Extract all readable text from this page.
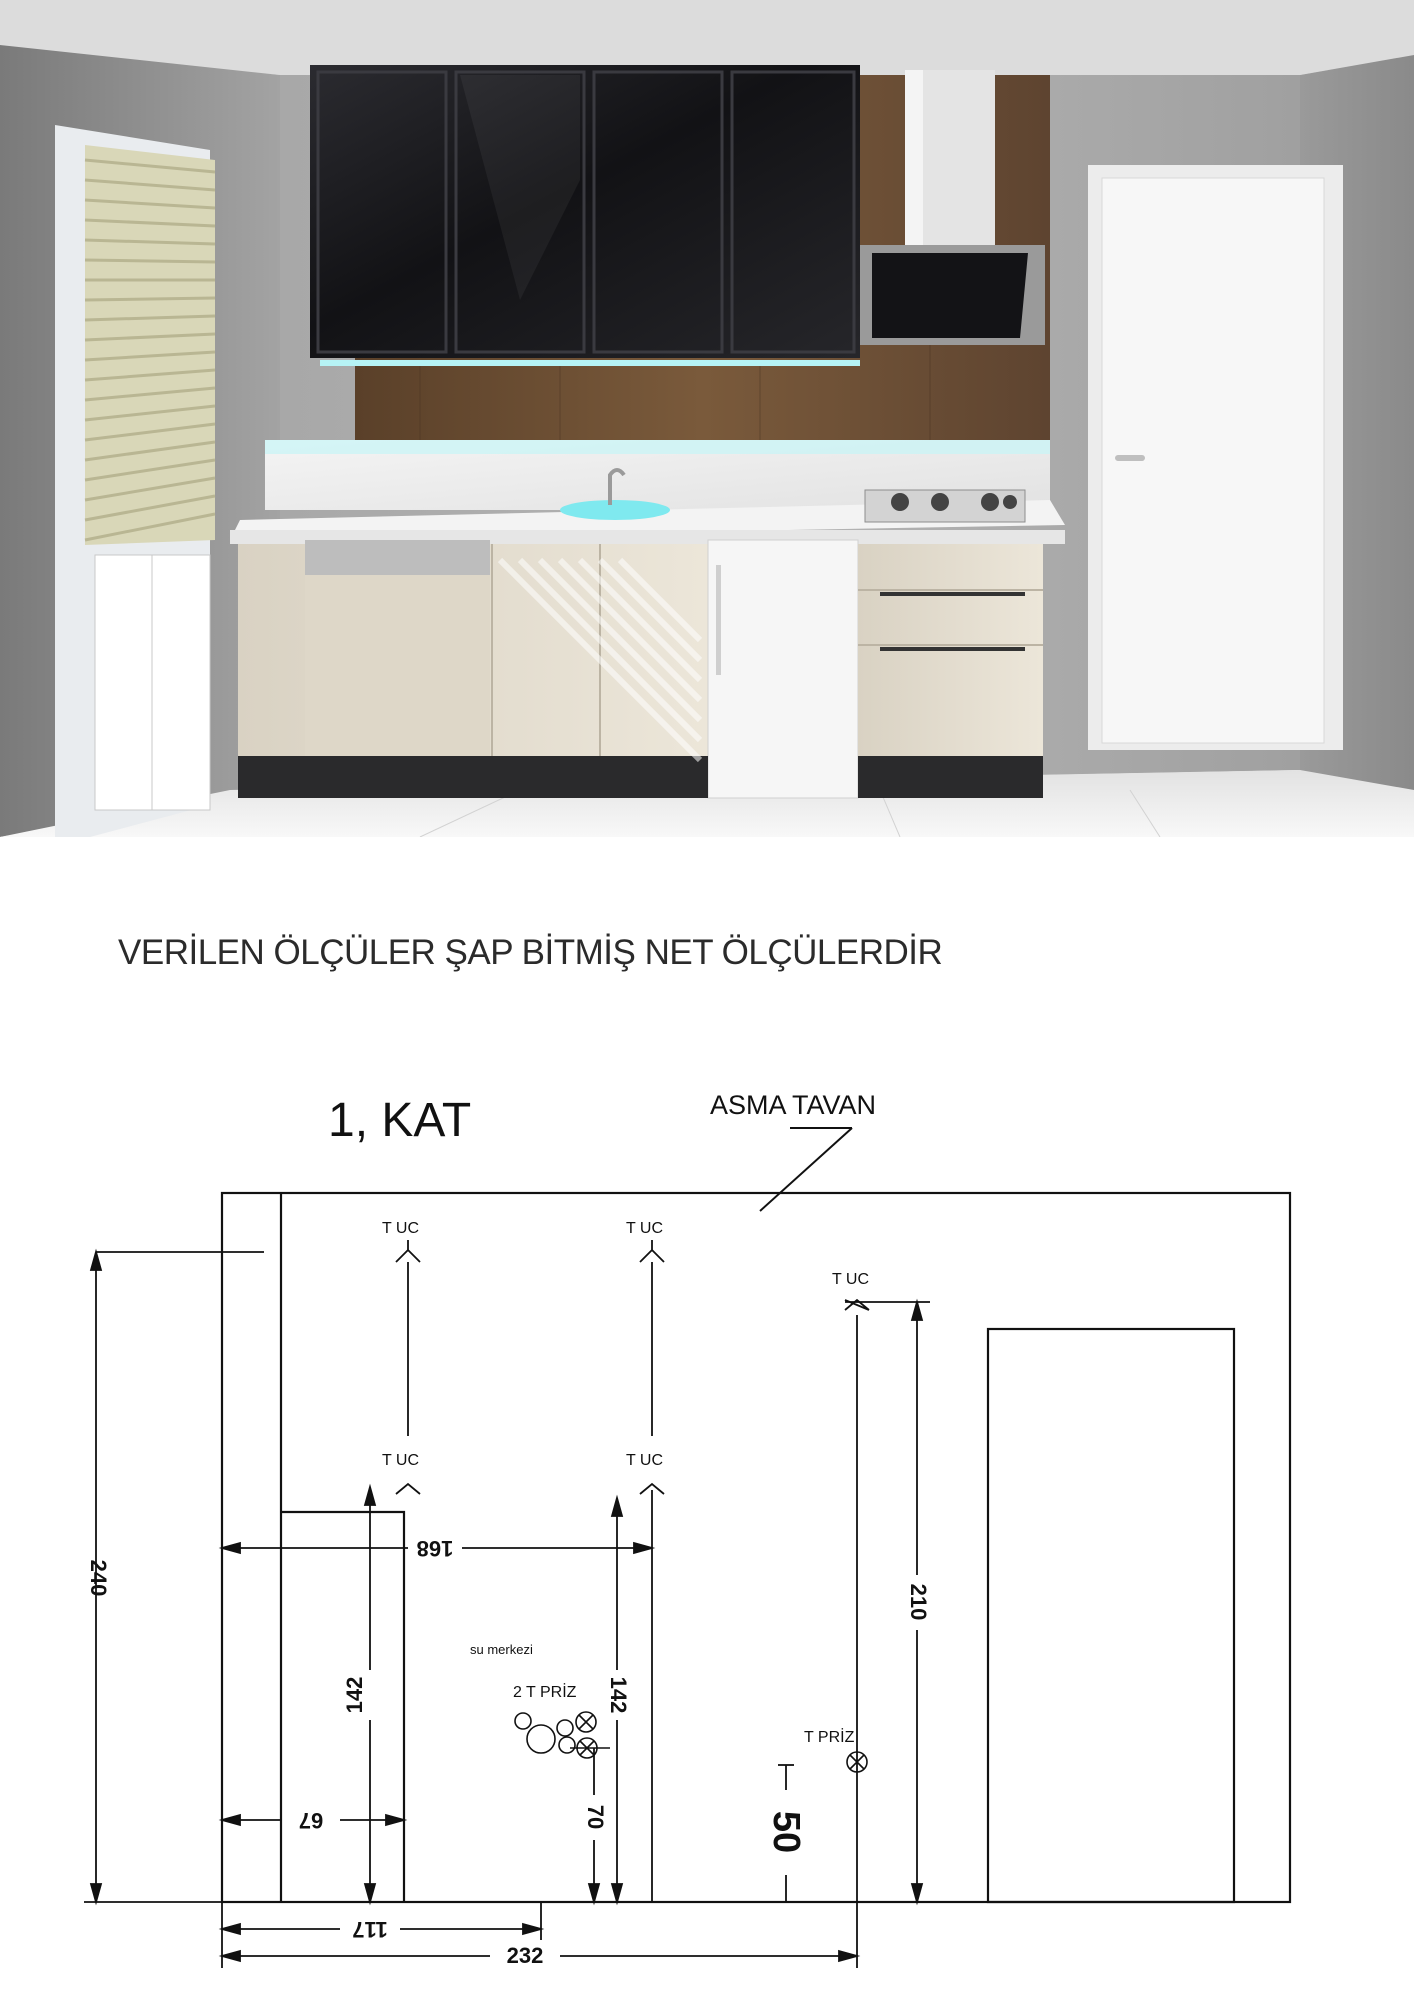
VERİLEN ÖLÇÜLER ŞAP BİTMİŞ NET ÖLÇÜLERDİR
1, KAT	ASMA TAVAN
T UC	T UC
T UC	T UC
T UC
su merkezi
2 T PRİZ
T PRİZ
240
168
142	142
210
67	70	50
117
232
